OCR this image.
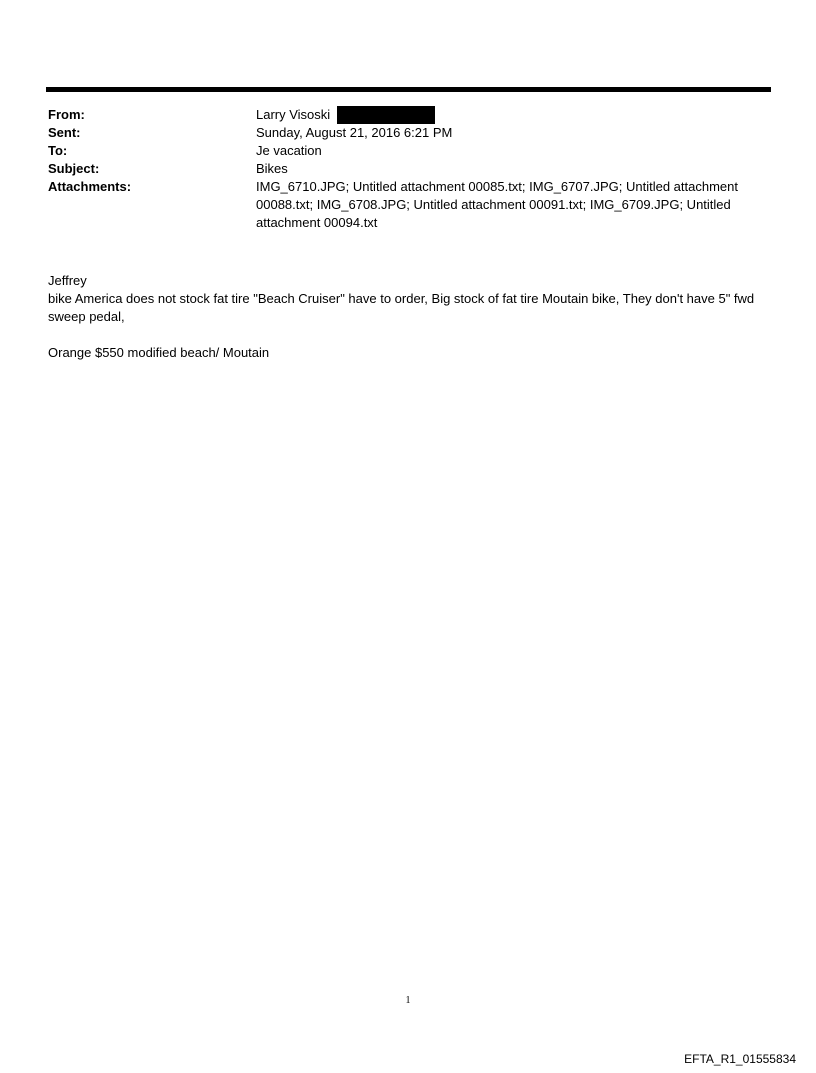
From:	Larry Visoski
Sent:	Sunday, August 21, 2016 6:21 PM
To:	Je vacation
Subject:	Bikes
Attachments:	IMG_6710.JPG; Untitled attachment 00085.txt; IMG_6707.JPG; Untitled attachment 00088.txt; IMG_6708.JPG; Untitled attachment 00091.txt; IMG_6709.JPG; Untitled attachment 00094.txt

Jeffrey

bike America does not stock fat tire "Beach Cruiser" have to order, Big stock of fat tire Moutain bike, They don't have 5" fwd sweep pedal,

Orange $550 modified beach/ Moutain

1
EFTA_R1_01555834
